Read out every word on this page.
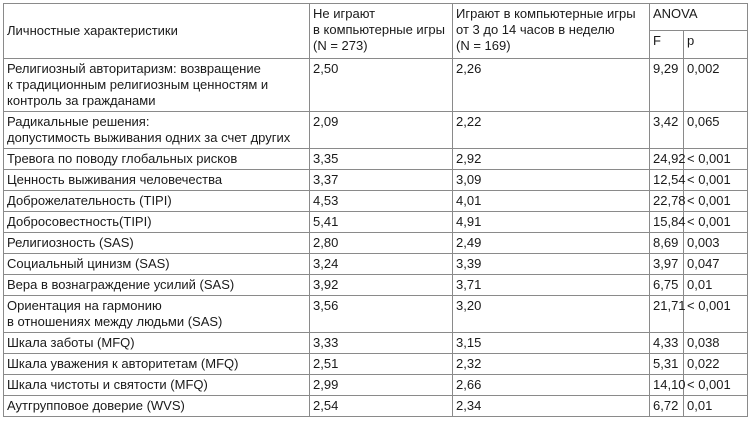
Личностные характеристики	Не играют
в компьютерные игры
(N = 273)	Играют в компьютерные игры
от 3 до 14 часов в неделю
(N = 169)	ANOVA	
			F	p
Религиозный авторитаризм: возвращение
к традиционным религиозным ценностям и
контроль за гражданами	2,50	2,26	9,29	0,002
Радикальные решения:
допустимость выживания одних за счет других	2,09	2,22	3,42	0,065
Тревога по поводу глобальных рисков	3,35	2,92	24,92	< 0,001
Ценность выживания человечества	3,37	3,09	12,54	< 0,001
Доброжелательность (TIPI)	4,53	4,01	22,78	< 0,001
Добросовестность(TIPI)	5,41	4,91	15,84	< 0,001
Религиозность (SAS)	2,80	2,49	8,69	0,003
Социальный цинизм (SAS)	3,24	3,39	3,97	0,047
Вера в вознаграждение усилий (SAS)	3,92	3,71	6,75	0,01
Ориентация на гармонию
в отношениях между людьми (SAS)	3,56	3,20	21,71	< 0,001
Шкала заботы (MFQ)	3,33	3,15	4,33	0,038
Шкала уважения к авторитетам (MFQ)	2,51	2,32	5,31	0,022
Шкала чистоты и святости (MFQ)	2,99	2,66	14,10	< 0,001
Аутгрупповое доверие (WVS)	2,54	2,34	6,72	0,01
